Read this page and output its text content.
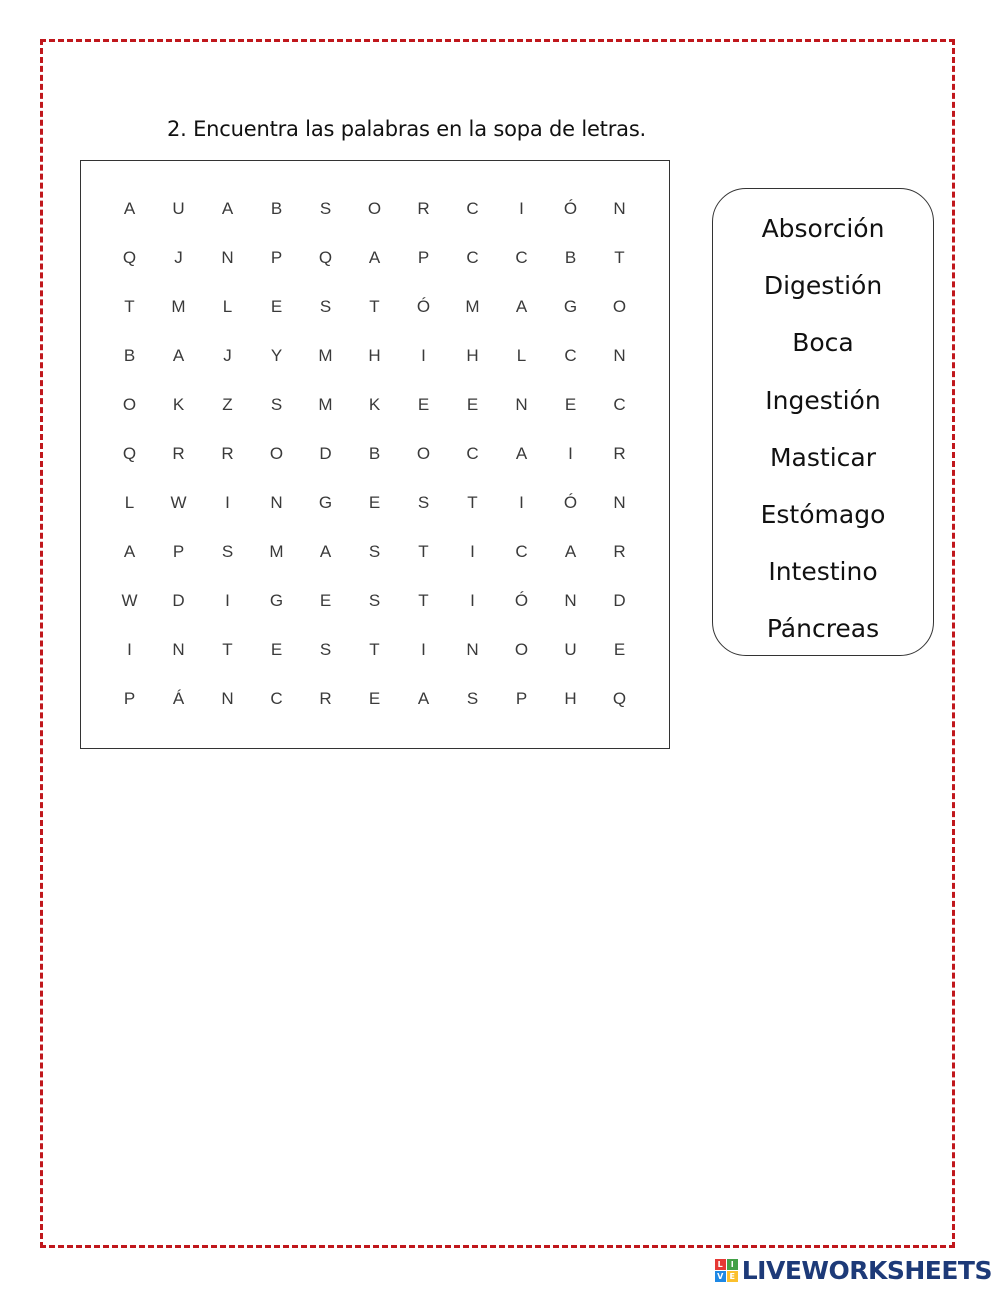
2. Encuentra las palabras en la sopa de letras.
A	U	A	B	S	O	R	C	I	Ó	N
Q	J	N	P	Q	A	P	C	C	B	T
T	M	L	E	S	T	Ó	M	A	G	O
B	A	J	Y	M	H	I	H	L	C	N
O	K	Z	S	M	K	E	E	N	E	C
Q	R	R	O	D	B	O	C	A	I	R
L	W	I	N	G	E	S	T	I	Ó	N
A	P	S	M	A	S	T	I	C	A	R
W	D	I	G	E	S	T	I	Ó	N	D
I	N	T	E	S	T	I	N	O	U	E
P	Á	N	C	R	E	A	S	P	H	Q
Absorción
Digestión
Boca
Ingestión
Masticar
Estómago
Intestino
Páncreas
L I
V E LIVEWORKSHEETS
